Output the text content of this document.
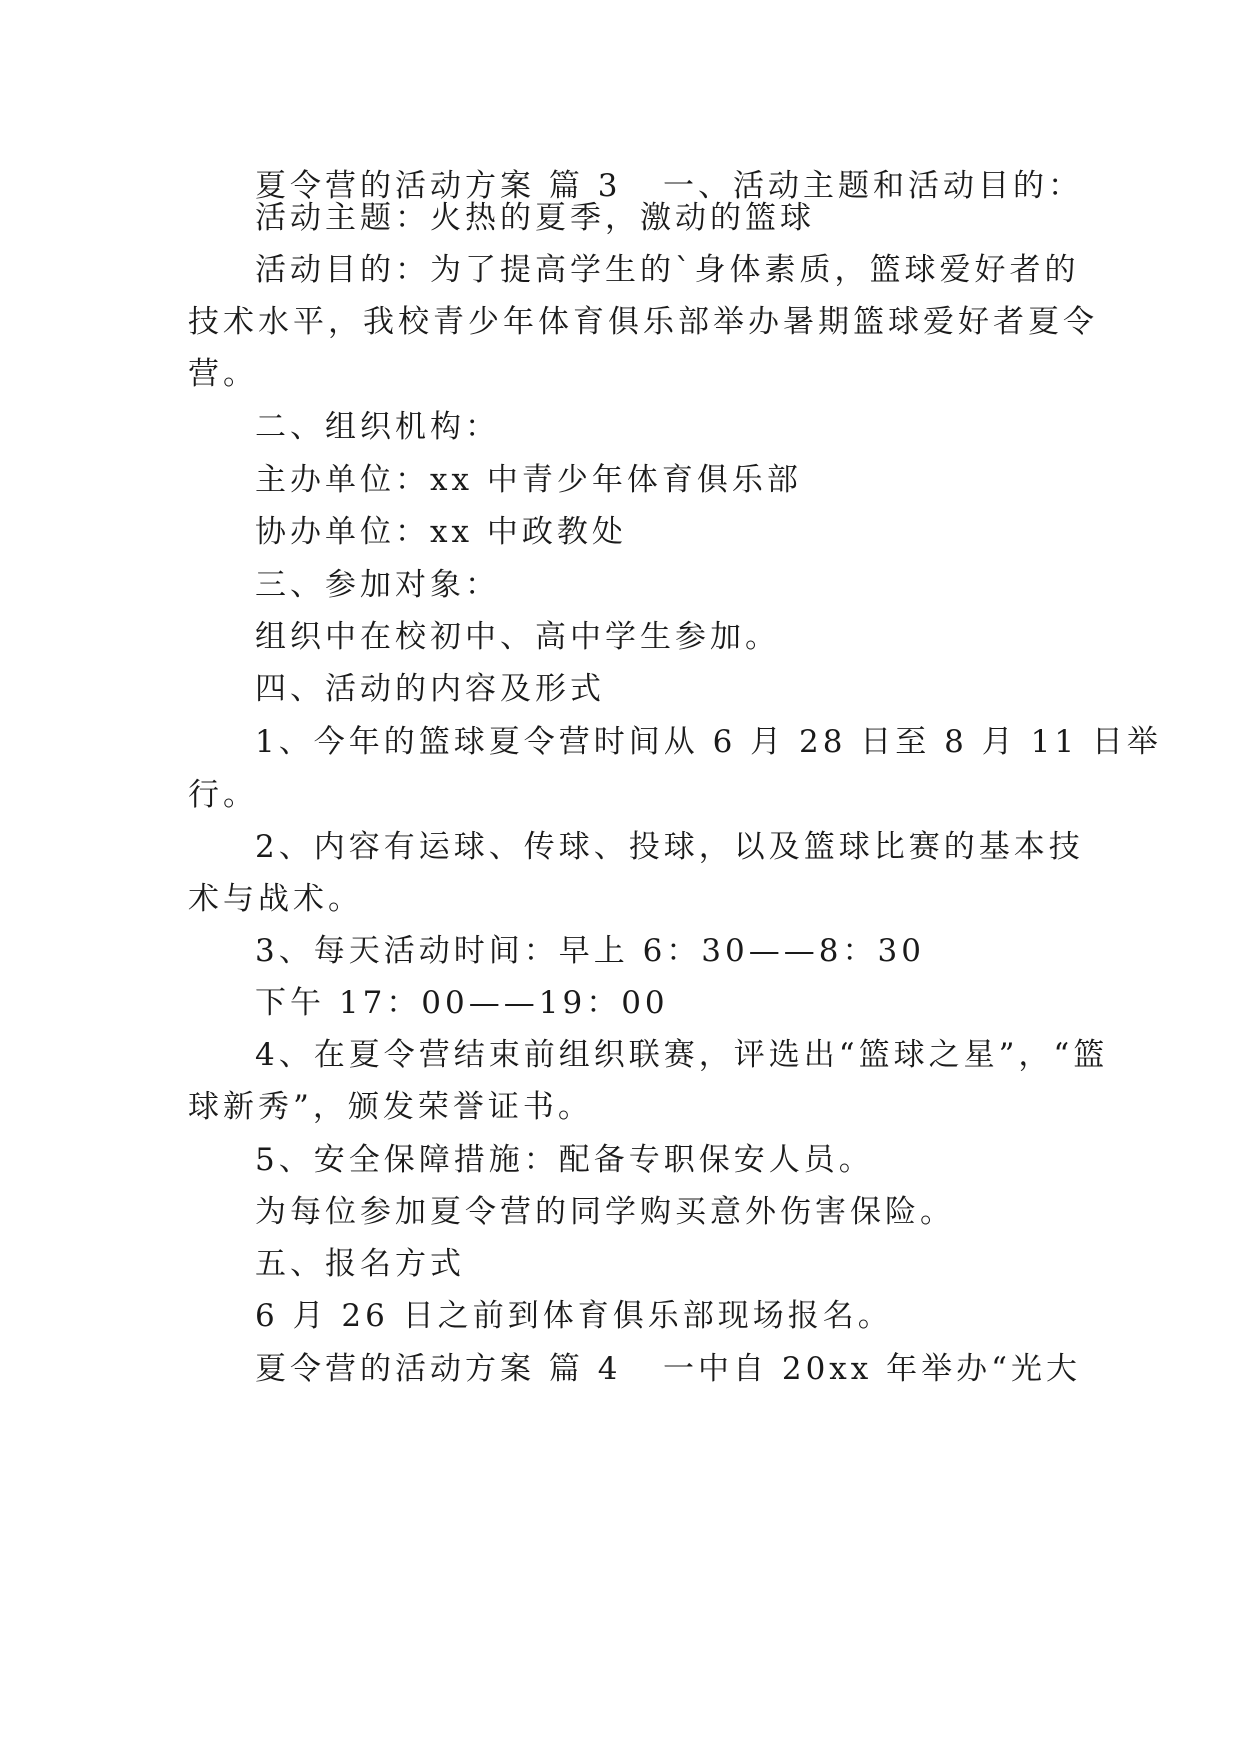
夏令营的活动方案 篇 3 一、活动主题和活动目的：
活动主题：火热的夏季，激动的篮球
活动目的：为了提高学生的`身体素质，篮球爱好者的
技术水平，我校青少年体育俱乐部举办暑期篮球爱好者夏令
营。
二、组织机构：
主办单位：xx 中青少年体育俱乐部
协办单位：xx 中政教处
三、参加对象：
组织中在校初中、高中学生参加。
四、活动的内容及形式
1、今年的篮球夏令营时间从 6 月 28 日至 8 月 11 日举
行。
2、内容有运球、传球、投球，以及篮球比赛的基本技
术与战术。
3、每天活动时间：早上 6：30——8：30
下午 17：00——19：00
4、在夏令营结束前组织联赛，评选出“篮球之星”，“篮
球新秀”，颁发荣誉证书。
5、安全保障措施：配备专职保安人员。
为每位参加夏令营的同学购买意外伤害保险。
五、报名方式
6 月 26 日之前到体育俱乐部现场报名。
夏令营的活动方案 篇 4 一中自 20xx 年举办“光大
